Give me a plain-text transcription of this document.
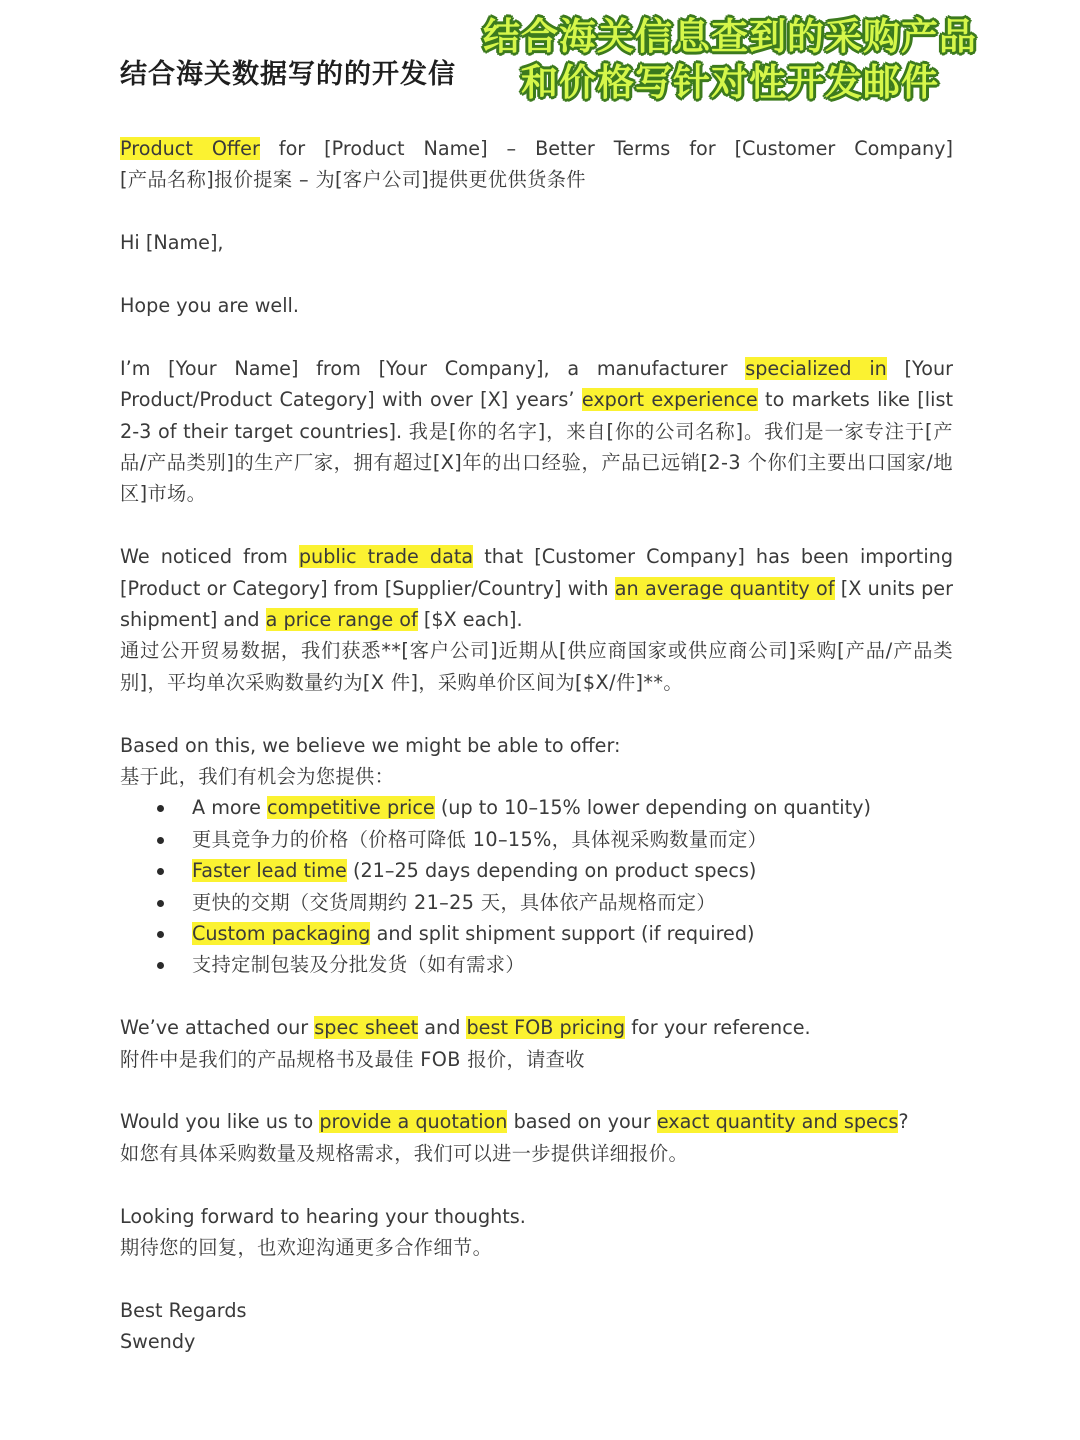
结合海关数据写的的开发信
结合海关信息查到的采购产品
和价格写针对性开发邮件
Product Offer for [Product Name] – Better Terms for [Customer Company]
[产品名称]报价提案 – 为[客户公司]提供更优供货条件
Hi [Name],
Hope you are well.
I’m [Your Name] from [Your Company], a manufacturer specialized in [Your Product/Product Category] with over [X] years’ export experience to markets like [list 2-3 of their target countries]. 我是[你的名字]，来自[你的公司名称]。我们是一家专注于[产品/产品类别]的生产厂家，拥有超过[X]年的出口经验，产品已远销[2-3 个你们主要出口国家/地区]市场。
We noticed from public trade data that [Customer Company] has been importing [Product or Category] from [Supplier/Country] with an average quantity of [X units per shipment] and a price range of [$X each].
通过公开贸易数据，我们获悉**[客户公司]近期从[供应商国家或供应商公司]采购[产品/产品类别]，平均单次采购数量约为[X 件]，采购单价区间为[$X/件]**。
Based on this, we believe we might be able to offer:
基于此，我们有机会为您提供：
A more competitive price (up to 10–15% lower depending on quantity)
更具竞争力的价格（价格可降低 10–15%，具体视采购数量而定）
Faster lead time (21–25 days depending on product specs)
更快的交期（交货周期约 21–25 天，具体依产品规格而定）
Custom packaging and split shipment support (if required)
支持定制包装及分批发货（如有需求）
We’ve attached our spec sheet and best FOB pricing for your reference.
附件中是我们的产品规格书及最佳 FOB 报价，请查收
Would you like us to provide a quotation based on your exact quantity and specs?
如您有具体采购数量及规格需求，我们可以进一步提供详细报价。
Looking forward to hearing your thoughts.
期待您的回复，也欢迎沟通更多合作细节。
Best Regards
Swendy
